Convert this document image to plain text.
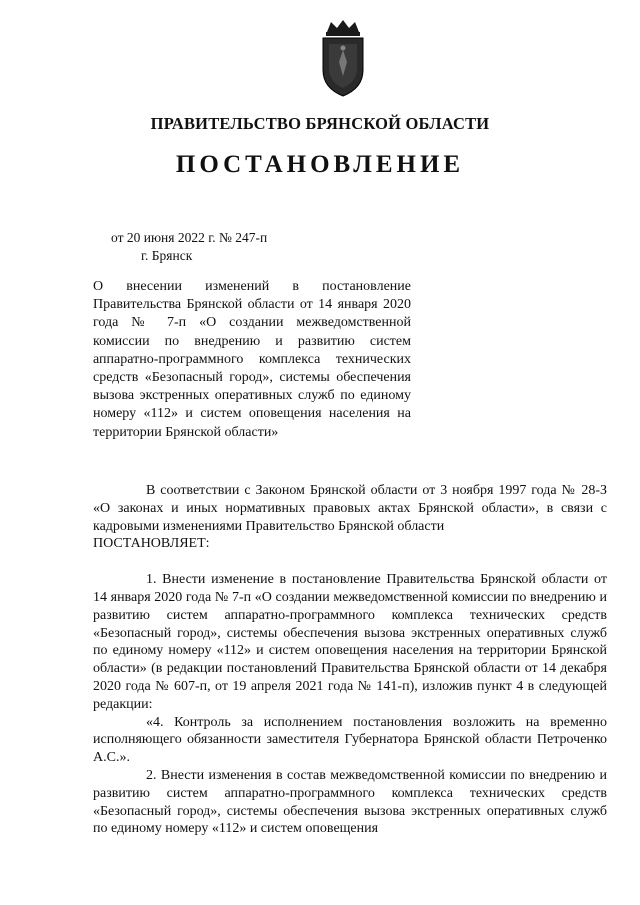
ПРАВИТЕЛЬСТВО БРЯНСКОЙ ОБЛАСТИ
ПОСТАНОВЛЕНИЕ
от 20 июня 2022 г. № 247-п
г. Брянск

О внесении изменений в постановление Правительства Брянской области от 14 января 2020 года № 7-п «О создании межведомственной комиссии по внедрению и развитию систем аппаратно-программного комплекса технических средств «Безопасный город», системы обеспечения вызова экстренных оперативных служб по единому номеру «112» и систем оповещения населения на территории Брянской области»

В соответствии с Законом Брянской области от 3 ноября 1997 года № 28-З «О законах и иных нормативных правовых актах Брянской области», в связи с кадровыми изменениями Правительство Брянской области

ПОСТАНОВЛЯЕТ:

1. Внести изменение в постановление Правительства Брянской области от 14 января 2020 года № 7-п «О создании межведомственной комиссии по внедрению и развитию систем аппаратно-программного комплекса технических средств «Безопасный город», системы обеспечения вызова экстренных оперативных служб по единому номеру «112» и систем оповещения населения на территории Брянской области» (в редакции постановлений Правительства Брянской области от 14 декабря 2020 года № 607-п, от 19 апреля 2021 года № 141-п), изложив пункт 4 в следующей редакции:

«4. Контроль за исполнением постановления возложить на временно исполняющего обязанности заместителя Губернатора Брянской области Петроченко А.С.».

2. Внести изменения в состав межведомственной комиссии по внедрению и развитию систем аппаратно-программного комплекса технических средств «Безопасный город», системы обеспечения вызова экстренных оперативных служб по единому номеру «112» и систем оповещения
